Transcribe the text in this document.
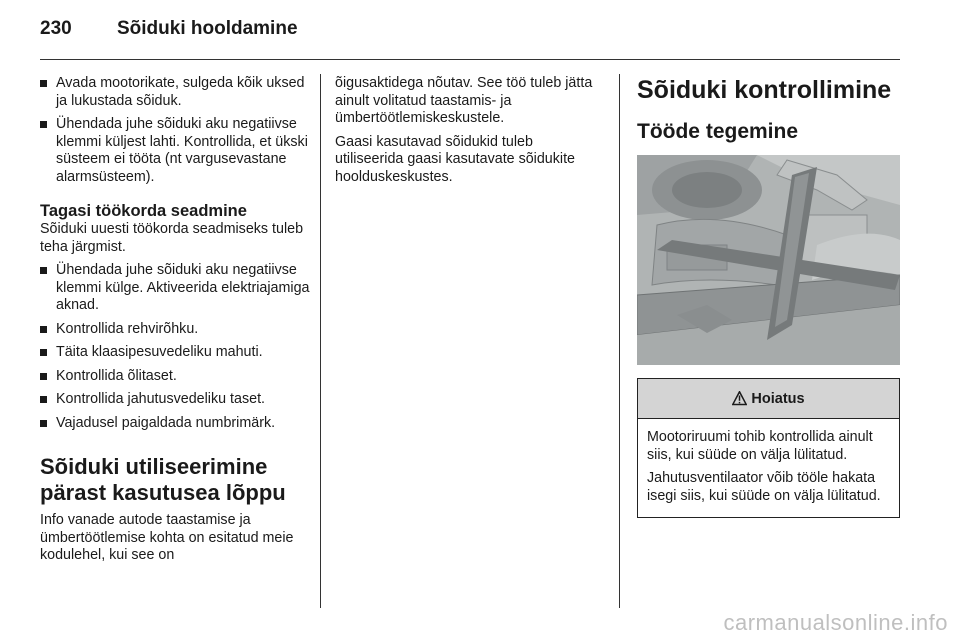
230 Sõiduki hooldamine
Avada mootorikate, sulgeda kõik uksed ja lukustada sõiduk.
Ühendada juhe sõiduki aku negatiivse klemmi küljest lahti. Kontrollida, et ükski süsteem ei tööta (nt vargusevastane alarmsüsteem).
Tagasi töökorda seadmine

Sõiduki uuesti töökorda seadmiseks tuleb teha järgmist.

Ühendada juhe sõiduki aku negatiivse klemmi külge. Aktiveerida elektriajamiga aknad.
Kontrollida rehvirõhku.
Täita klaasipesuvedeliku mahuti.
Kontrollida õlitaset.
Kontrollida jahutusvedeliku taset.
Vajadusel paigaldada numbrimärk.
Sõiduki utiliseerimine pärast kasutusea lõppu

Info vanade autode taastamise ja ümbertöötlemise kohta on esitatud meie kodulehel, kui see on

õigusaktidega nõutav. See töö tuleb jätta ainult volitatud taastamis- ja ümbertöötlemiskeskustele.

Gaasi kasutavad sõidukid tuleb utiliseerida gaasi kasutavate sõidukite hoolduskeskustes.

Sõiduki kontrollimine
Tööde tegemine
Hoiatus

Mootoriruumi tohib kontrollida ainult siis, kui süüde on välja lülitatud.

Jahutusventilaator võib tööle hakata isegi siis, kui süüde on välja lülitatud.

carmanualsonline.info
